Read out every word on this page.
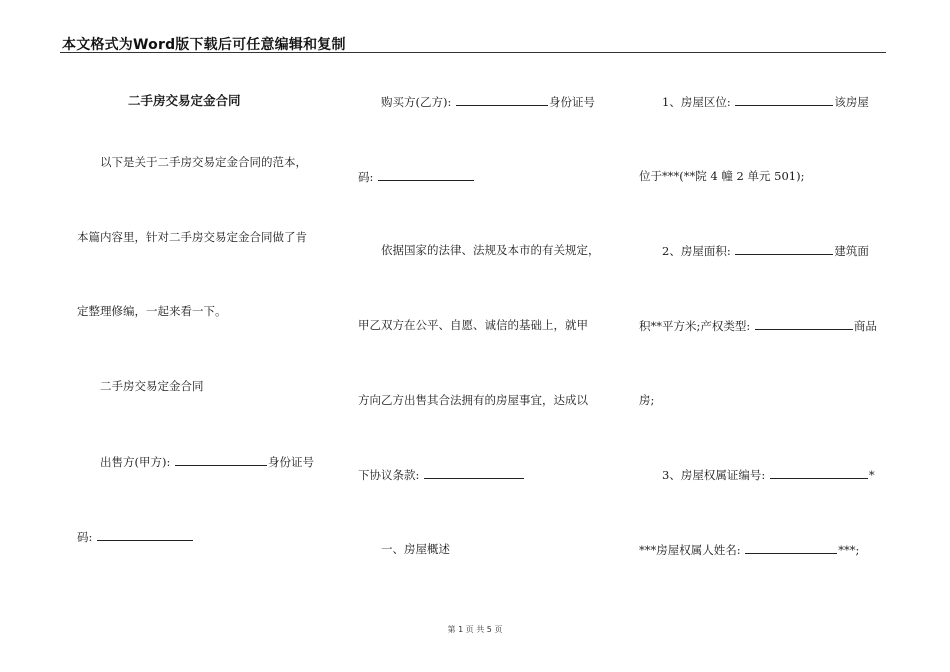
本文格式为Word版下载后可任意编辑和复制
二手房交易定金合同
以下是关于二手房交易定金合同的范本，
本篇内容里，针对二手房交易定金合同做了肯
定整理修编，一起来看一下。
二手房交易定金合同
出售方(甲方):	身份证号
码:
购买方(乙方):	身份证号
码:
依据国家的法律、法规及本市的有关规定，
甲乙双方在公平、自愿、诚信的基础上，就甲
方向乙方出售其合法拥有的房屋事宜，达成以
下协议条款:
一、房屋概述
1、房屋区位:	该房屋
位于***(**院 4 幢 2 单元 501);
2、房屋面积:	建筑面
积**平方米;产权类型:	商品
房;
3、房屋权属证编号:	*
***房屋权属人姓名:	***;
第 1 页 共 5 页
